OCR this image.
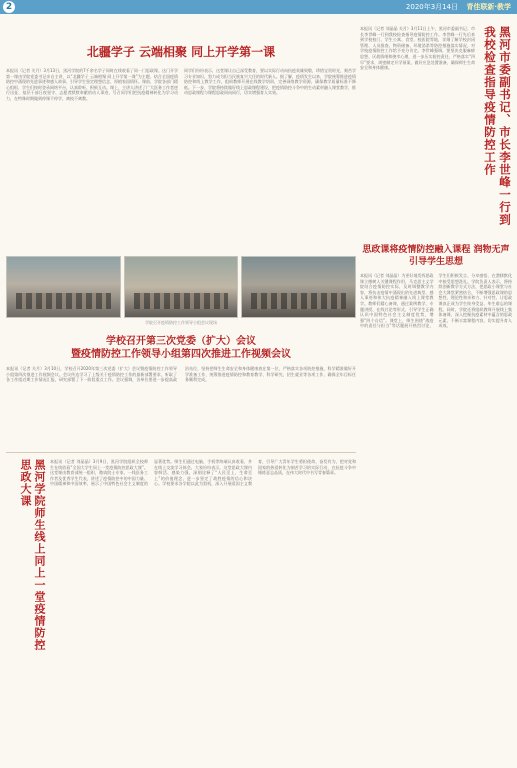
2	2020年3月14日 青佳联新·教学
北疆学子 云端相聚 同上开学第一课

本报讯（记者 关月）3月13日，黑河学院的7千余名学子同时在线收看了同一门思政课。这门开学第一课由学院党委书记亲自主讲，以“北疆学子 云端相聚 同上开学第一课”为主题，结合全国疫情防控中涌现的先进事迹和感人故事，引导学生坚定理想信念、厚植家国情怀。课前，学院各部门精心组织，学生们按时登录网络平台，认真聆听、积极互动。课上，主讲人讲述了广大医务工作者逆行出征、基层干部日夜坚守、志愿者默默奉献的动人事迹，号召同学们把抗疫精神转化为学习动力，在特殊时期做到停课不停学、离校不离教。

同学们纷纷表示，这堂课让自己深受教育，要以实际行动向抗疫英雄致敬，珍惜宝贵时光，刻苦学习专业知识，努力成为担当民族复兴大任的时代新人。据了解，疫情发生以来，学院统筹推进疫情防控和线上教学工作，组织教师开展在线教学培训，完善网络教学资源，确保教学质量标准不降低。下一步，学院将持续做好线上思政课程建设，把疫情防控斗争中的生动素材融入课堂教学，推动思政课程与课程思政同向同行，切实增强育人实效。

学院召开疫情防控工作领导小组会议现场
学校召开第三次党委（扩大）会议
暨疫情防控工作领导小组第四次推进工作视频会议

本报讯（记者 关月）3月10日，学校召开2020年第三次党委（扩大）会议暨疫情防控工作领导小组第四次推进工作视频会议。会议传达学习了上级关于疫情防控工作的最新部署要求，听取了各工作组近期工作情况汇报，研究部署了下一阶段重点工作。会议强调，各单位要进一步提高政治站位，坚持把师生生命安全和身体健康放在第一位，严格落实各项防控措施，科学精准做好开学准备工作，统筹推进疫情防控和教育教学、科学研究、招生就业等各项工作，确保全年目标任务顺利完成。

黑河学院师生线上同上一堂疫情防控思政大课	本报讯（记者 刘晶晶）3月9日，黑河学院组织全校师生在线收看“全国大学生同上一堂疫情防控思政大课”。这堂课由教育部统一组织，邀请院士专家、一线医务工作者及优秀学生代表，讲述了疫情防控中的中国力量、中国精神和中国效率，展示了中国特色社会主义制度的显著优势。师生们通过电脑、手机等终端认真收看，并在线上交流学习体会。大家纷纷表示，这堂思政大课内容鲜活、感染力强，深刻诠释了“人民至上、生命至上”的价值理念，进一步坚定了战胜疫情的信心和决心。学校要求各学院以此为契机，深入开展爱国主义教育，引导广大青年学生勇担使命、奋发有为，把对党和国家的热爱转化为刻苦学习的实际行动，在抗疫斗争中锤炼意志品质，在伟大时代中书写青春篇章。

本报讯（记者 刘晶晶 关月）3月11日上午，黑河市委副书记、市长李世峰一行到我校检查指导疫情防控工作。李世峰一行先后来到学校校门、学生公寓、食堂、校医院等地，详细了解学校封闭管理、人员排查、物资储备、环境消杀等防控措施落实情况，对学校疫情防控工作给予充分肯定。李世峰强调，要坚决克服麻痹思想、厌战情绪和侥幸心理，进一步压实防控责任，严格落实“四早”要求，周密制定开学预案，做好应急处置准备，确保师生生命安全和身体健康。	黑河市委副书记、市长李世峰一行到我校检查指导疫情防控工作
思政课将疫情防控融入课程 润物无声引导学生思想

本报讯（记者 刘晶晶）为更好地发挥思政课立德树人关键课程作用，马克思主义学院结合疫情防控实际，及时调整教学内容，将抗击疫情中涌现出的先进典型、感人事迹和伟大抗疫精神融入线上课堂教学。教师们精心备课，通过案例教学、专题讲授、在线讨论等形式，引导学生正确认识中国特色社会主义制度优势，增强“四个自信”。课堂上，师生围绕“战疫中的责任与担当”等话题展开热烈讨论，学生们积极发言、分享感悟，在潜移默化中接受思想洗礼。学院负责人表示，将持续创新教学方式方法，把思政小课堂与社会大课堂紧密结合，不断增强思政课的思想性、理论性和亲和力、针对性，让思政课真正成为学生终身受益、毕生难忘的课程。同时，学院还将组织教师开展线上集体备课，深入挖掘抗疫素材中蕴含的思政元素，不断丰富课程内容，切实提升育人成效。
